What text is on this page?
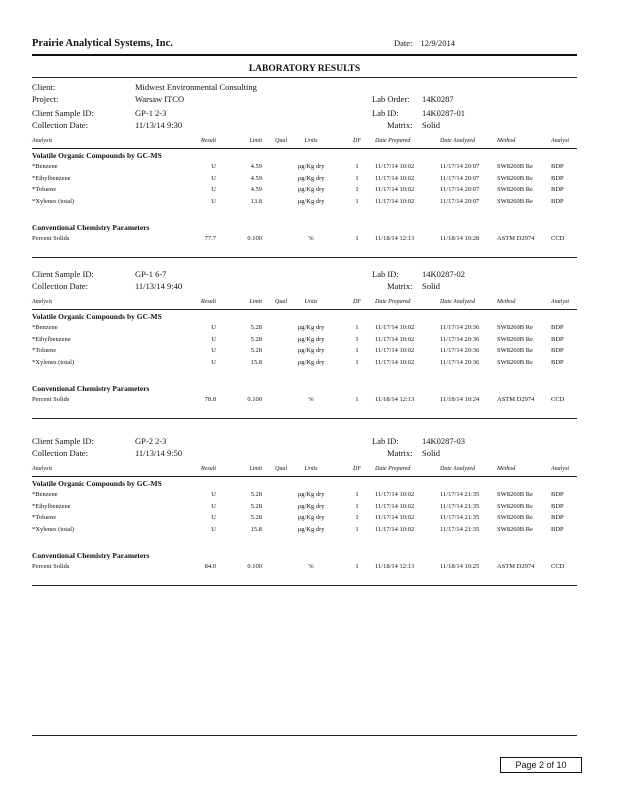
Prairie Analytical Systems, Inc.	Date: 12/9/2014
LABORATORY RESULTS
Client:	Midwest Environmental Consulting
Project:	Warsaw ITCO	Lab Order: 14K0287
Client Sample ID:	GP-1 2-3	Lab ID:	14K0287-01
Collection Date:	11/13/14 9:30	Matrix: Solid
Analysis	Result	Limit Qual	Units	DF	Date Prepared	Date Analyzed	Method	Analyst
Volatile Organic Compounds by GC-MS
*Benzene	U	4.59	µg/Kg dry	1	11/17/14 10:02	11/17/14 20:07	SW8260B Re	BDP
*Ethylbenzene	U	4.59	µg/Kg dry	1	11/17/14 10:02	11/17/14 20:07	SW8260B Re	BDP
*Toluene	U	4.59	µg/Kg dry	1	11/17/14 10:02	11/17/14 20:07	SW8260B Re	BDP
*Xylenes (total)	U	13.8	µg/Kg dry	1	11/17/14 10:02	11/17/14 20:07	SW8260B Re	BDP
Conventional Chemistry Parameters
Percent Solids	77.7	0.100	%	1	11/18/14 12:13	11/18/14 10:28	ASTM D2974	CCD
Client Sample ID:	GP-1 6-7	Lab ID:	14K0287-02
Collection Date:	11/13/14 9:40	Matrix: Solid
Analysis	Result	Limit Qual	Units	DF	Date Prepared	Date Analyzed	Method	Analyst
Volatile Organic Compounds by GC-MS
*Benzene	U	5.28	µg/Kg dry	1	11/17/14 10:02	11/17/14 20:36	SW8260B Re	BDP
*Ethylbenzene	U	5.28	µg/Kg dry	1	11/17/14 10:02	11/17/14 20:36	SW8260B Re	BDP
*Toluene	U	5.28	µg/Kg dry	1	11/17/14 10:02	11/17/14 20:36	SW8260B Re	BDP
*Xylenes (total)	U	15.8	µg/Kg dry	1	11/17/14 10:02	11/17/14 20:36	SW8260B Re	BDP
Conventional Chemistry Parameters
Percent Solids	78.8	0.100	%	1	11/18/14 12:13	11/18/14 10:24	ASTM D2974	CCD
Client Sample ID:	GP-2 2-3	Lab ID:	14K0287-03
Collection Date:	11/13/14 9:50	Matrix: Solid
Analysis	Result	Limit Qual	Units	DF	Date Prepared	Date Analyzed	Method	Analyst
Volatile Organic Compounds by GC-MS
*Benzene	U	5.28	µg/Kg dry	1	11/17/14 10:02	11/17/14 21:35	SW8260B Re	BDP
*Ethylbenzene	U	5.28	µg/Kg dry	1	11/17/14 10:02	11/17/14 21:35	SW8260B Re	BDP
*Toluene	U	5.28	µg/Kg dry	1	11/17/14 10:02	11/17/14 21:35	SW8260B Re	BDP
*Xylenes (total)	U	15.8	µg/Kg dry	1	11/17/14 10:02	11/17/14 21:35	SW8260B Re	BDP
Conventional Chemistry Parameters
Percent Solids	84.0	0.100	%	1	11/18/14 12:13	11/18/14 10:25	ASTM D2974	CCD
Page 2 of 10
